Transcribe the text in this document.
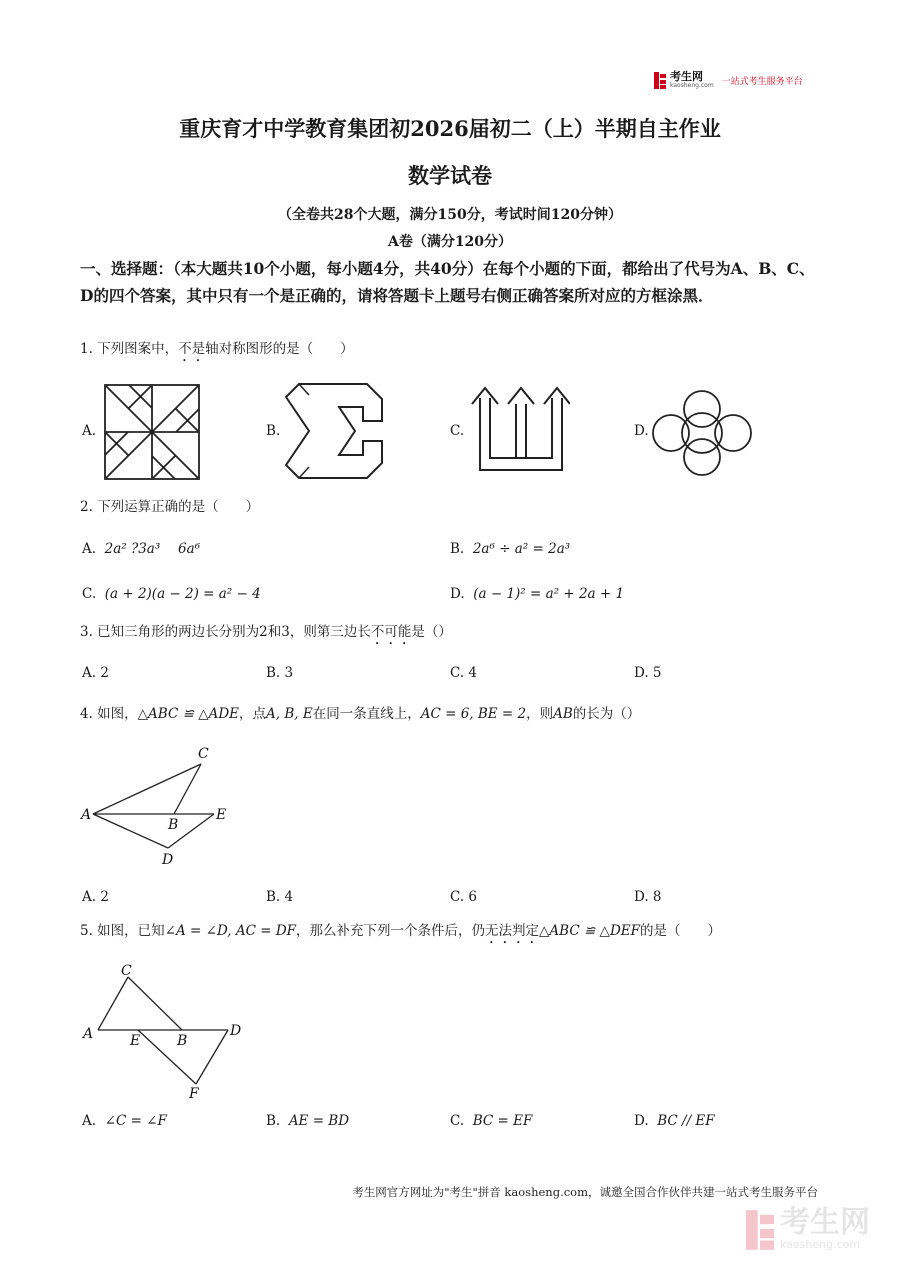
考生网
kaosheng.com 一站式考生服务平台
重庆育才中学教育集团初2026届初二（上）半期自主作业
数学试卷
（全卷共28个大题，满分150分，考试时间120分钟）
A卷（满分120分）
一、选择题：（本大题共10个小题，每小题4分，共40分）在每个小题的下面，都给出了代号为A、B、C、D的四个答案，其中只有一个是正确的，请将答题卡上题号右侧正确答案所对应的方框涂黑．
1. 下列图案中，不是轴对称图形的是（　　）
A.	B.	C.	D.
2. 下列运算正确的是（　　）
A. 2a² ?3a³ 　6a⁶	B. 2a⁶ ÷ a² = 2a³
C. (a + 2)(a − 2) = a² − 4	D. (a − 1)² = a² + 2a + 1
3. 已知三角形的两边长分别为2和3，则第三边长不可能是（）
A. 2	B. 3	C. 4	D. 5
4. 如图，△ABC ≌ △ADE，点A, B, E在同一条直线上，AC = 6, BE = 2，则AB的长为（）
C
A
B
E
D
A. 2	B. 4	C. 6	D. 8
5. 如图，已知∠A = ∠D, AC = DF，那么补充下列一个条件后，仍无法判定△ABC ≌ △DEF的是（　　）
C
A	E	B
D
F
A. ∠C = ∠F	B. AE = BD	C. BC = EF	D. BC // EF
考生网官方网址为"考生"拼音 kaosheng.com，诚邀全国合作伙伴共建一站式考生服务平台
考生网
kaosheng.com
